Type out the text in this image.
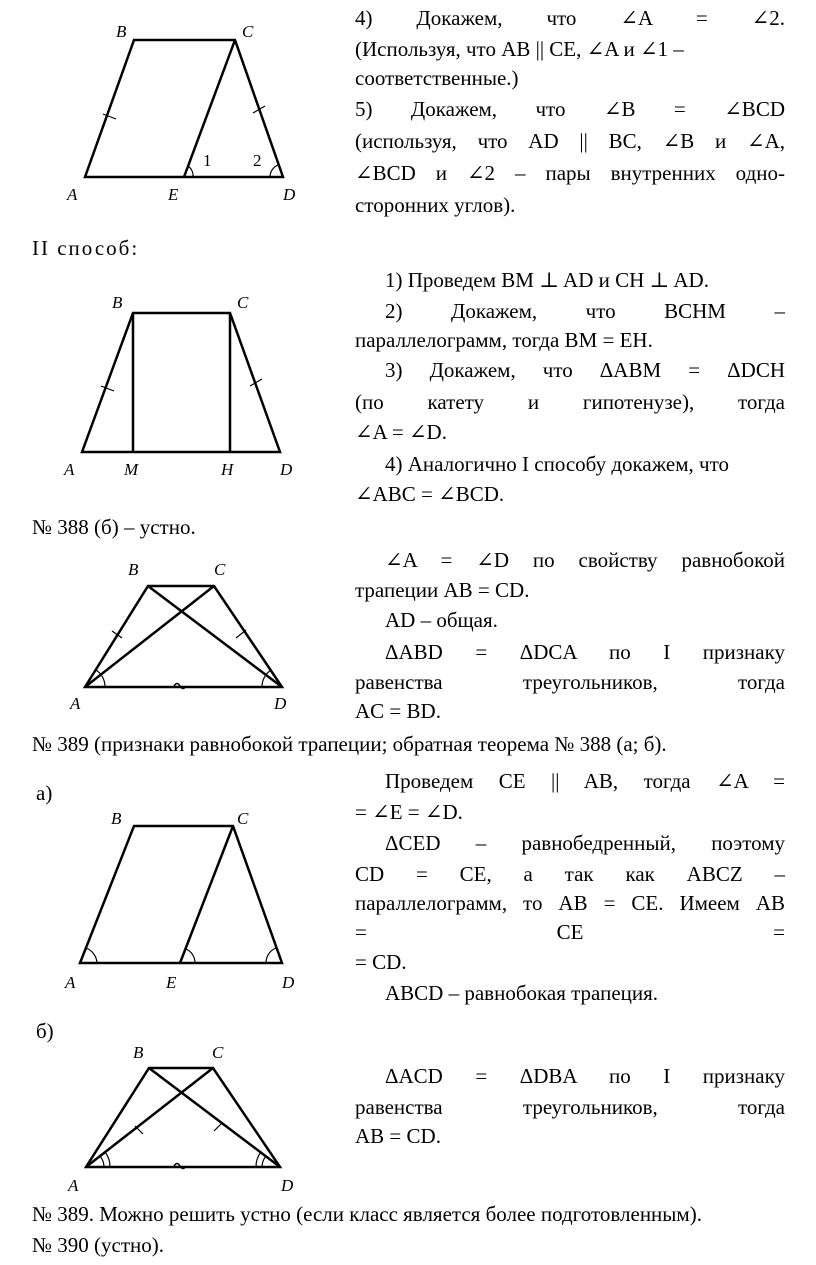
B	C
A	E	D
1 2
B	C
A	M	H	D
B	C
A	D
B	C
A	E	D
B	C
A	D
4) Докажем, что ∠A = ∠2.
(Используя, что AB || CE, ∠A и ∠1 –
соответственные.)
5) Докажем, что ∠B = ∠BCD
(используя, что AD || BC, ∠B и ∠A,
∠BCD и ∠2 – пары внутренних одно-
сторонних углов).
II способ:
1) Проведем BM ⊥ AD и CH ⊥ AD.
2) Докажем, что BCHM –
параллелограмм, тогда BM = EH.
3) Докажем, что ΔABM = ΔDCH
(по катету и гипотенузе), тогда
∠A = ∠D.
4) Аналогично I способу докажем, что
∠ABC = ∠BCD.
№ 388 (б) – устно.
∠A = ∠D по свойству равнобокой
трапеции AB = CD.
AD – общая.
ΔABD = ΔDCA по I признаку
равенства треугольников, тогда
AC = BD.
№ 389 (признаки равнобокой трапеции; обратная теорема № 388 (а; б).
а)	Проведем CE || AB, тогда ∠A =
= ∠E = ∠D.
ΔCED – равнобедренный, поэтому
CD = CE, а так как ABCZ –
параллелограмм, то AB = CE. Имеем AB
= CE =
= CD.
ABCD – равнобокая трапеция.
б)
ΔACD = ΔDBA по I признаку
равенства треугольников, тогда
AB = CD.
№ 389. Можно решить устно (если класс является более подготовленным).
№ 390 (устно).
